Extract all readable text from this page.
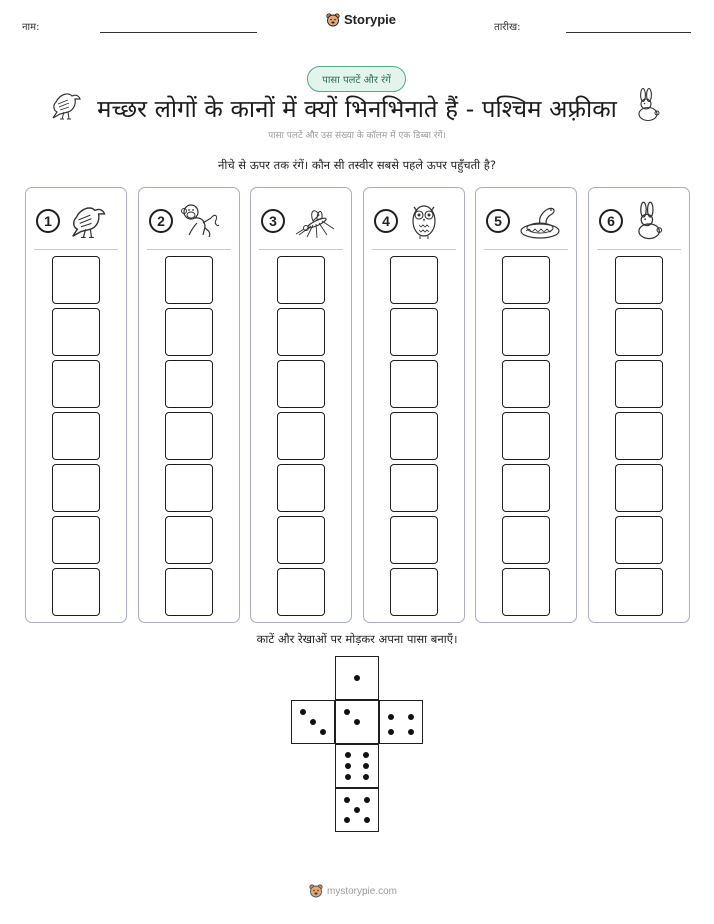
नाम:
Storypie
तारीख:
पासा पलटें और रंगें
मच्छर लोगों के कानों में क्यों भिनभिनाते हैं - पश्चिम अफ़्रीका
पासा पलटें और उस संख्या के कॉलम में एक डिब्बा रंगें।
नीचे से ऊपर तक रंगें। कौन सी तस्वीर सबसे पहले ऊपर पहुँचती है?
1	2	3	4	5	6
काटें और रेखाओं पर मोड़कर अपना पासा बनाएँ।
mystorypie.com
